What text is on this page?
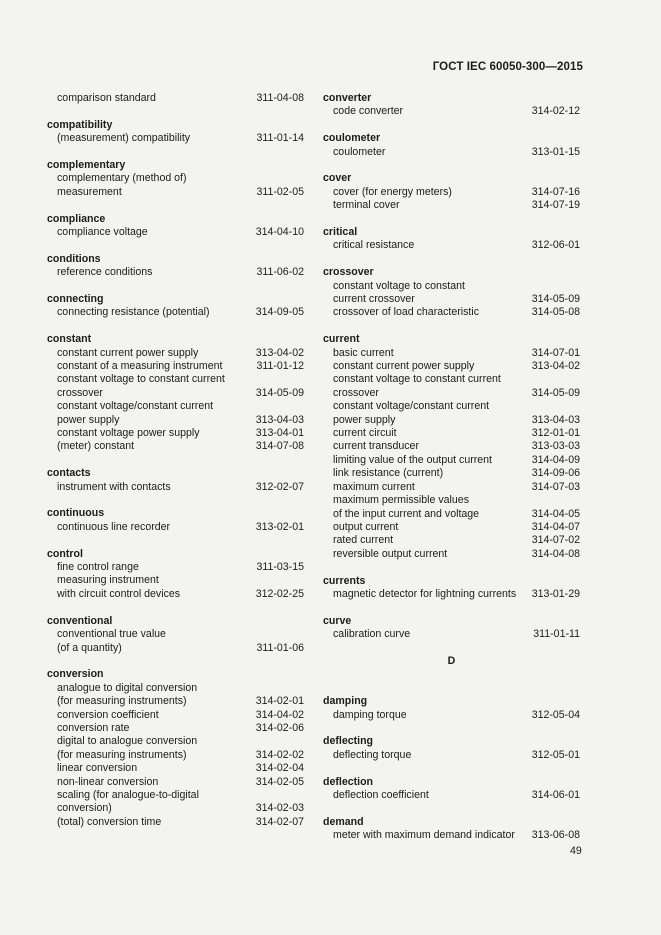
ГОСТ IEC 60050-300—2015
comparison standard	311-04-08
compatibility
(measurement) compatibility	311-01-14
complementary
complementary (method of)
measurement	311-02-05
compliance
compliance voltage	314-04-10
conditions
reference conditions	311-06-02
connecting
connecting resistance (potential)	314-09-05
constant
constant current power supply	313-04-02
constant of a measuring instrument	311-01-12
constant voltage to constant current
crossover	314-05-09
constant voltage/constant current
power supply	313-04-03
constant voltage power supply	313-04-01
(meter) constant	314-07-08
contacts
instrument with contacts	312-02-07
continuous
continuous line recorder	313-02-01
control
fine control range	311-03-15
measuring instrument
with circuit control devices	312-02-25
conventional
conventional true value
(of a quantity)	311-01-06
conversion
analogue to digital conversion
(for measuring instruments)	314-02-01
conversion coefficient	314-04-02
conversion rate	314-02-06
digital to analogue conversion
(for measuring instruments)	314-02-02
linear conversion	314-02-04
non-linear conversion	314-02-05
scaling (for analogue-to-digital
conversion)	314-02-03
(total) conversion time	314-02-07
converter
code converter	314-02-12
coulometer
coulometer	313-01-15
cover
cover (for energy meters)	314-07-16
terminal cover	314-07-19
critical
critical resistance	312-06-01
crossover
constant voltage to constant
current crossover	314-05-09
crossover of load characteristic	314-05-08
current
basic current	314-07-01
constant current power supply	313-04-02
constant voltage to constant current
crossover	314-05-09
constant voltage/constant current
power supply	313-04-03
current circuit	312-01-01
current transducer	313-03-03
limiting value of the output current	314-04-09
link resistance (current)	314-09-06
maximum current	314-07-03
maximum permissible values
of the input current and voltage	314-04-05
output current	314-04-07
rated current	314-07-02
reversible output current	314-04-08
currents
magnetic detector for lightning currents	313-01-29
curve
calibration curve	311-01-11
D
damping
damping torque	312-05-04
deflecting
deflecting torque	312-05-01
deflection
deflection coefficient	314-06-01
demand
meter with maximum demand indicator	313-06-08
49
